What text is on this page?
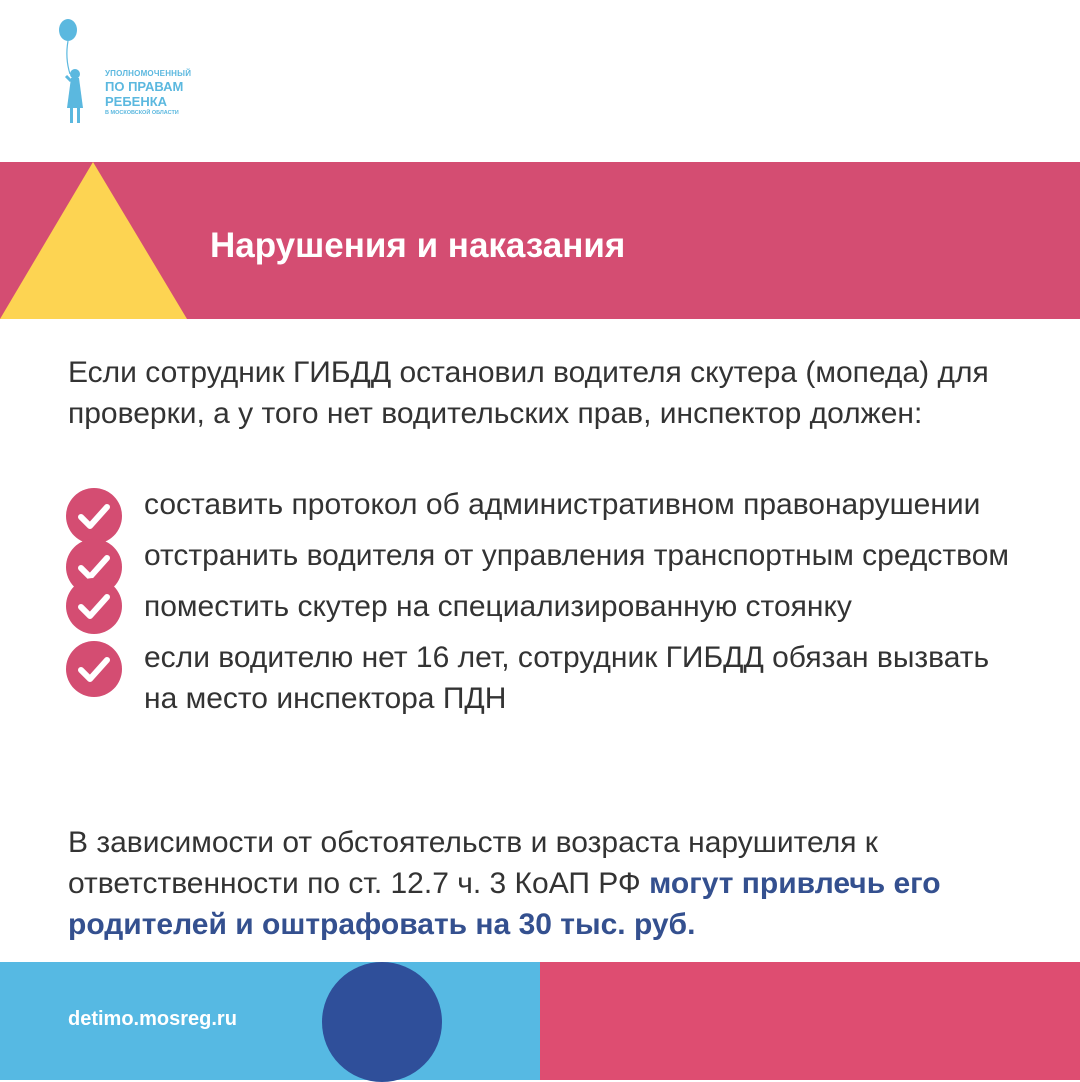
УПОЛНОМОЧЕННЫЙ
ПО ПРАВАМ
РЕБЕНКА
В МОСКОВСКОЙ ОБЛАСТИ
Нарушения и наказания

Если сотрудник ГИБДД остановил водителя скутера (мопеда) для проверки, а у того нет водительских прав, инспектор должен:

составить протокол об административном правонарушении
отстранить водителя от управления транспортным средством
поместить скутер на специализированную стоянку
если водителю нет 16 лет, сотрудник ГИБДД обязан вызвать на место инспектора ПДН

В зависимости от обстоятельств и возраста нарушителя к ответственности по ст. 12.7 ч. 3 КоАП РФ могут привлечь его родителей и оштрафовать на 30 тыс. руб.

detimo.mosreg.ru
